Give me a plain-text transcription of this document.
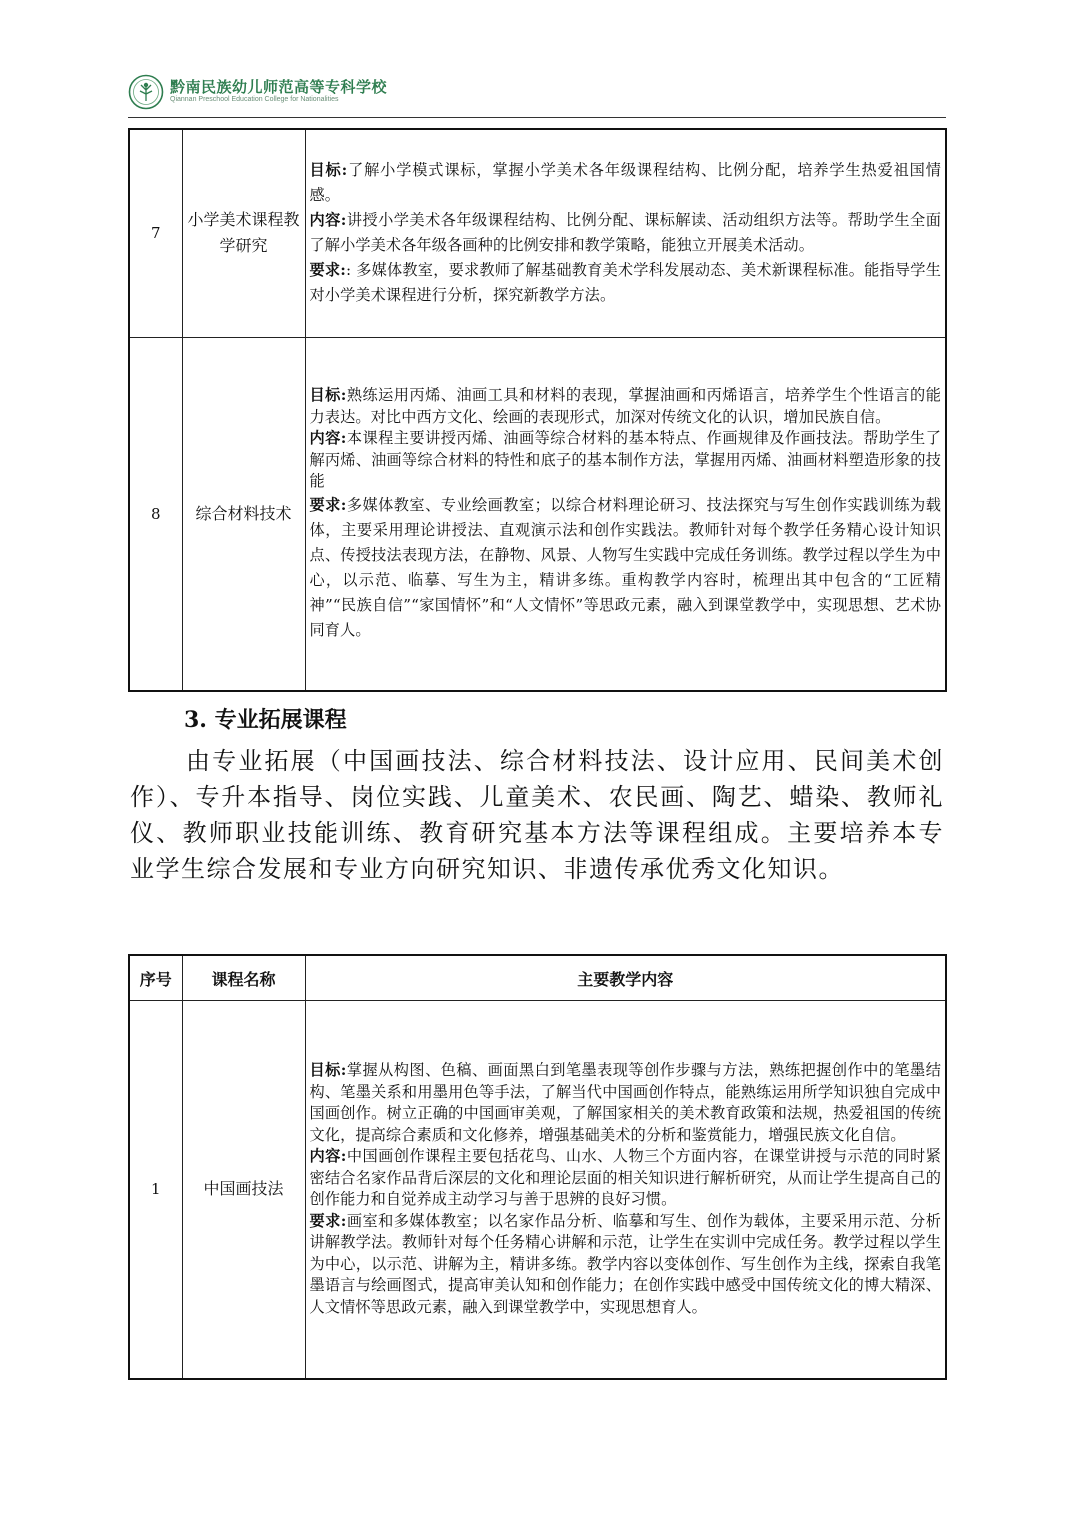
黔南民族幼儿师范高等专科学校
Qiannan Preschool Education College for Nationalities
7	小学美术课程教学研究	目标:了解小学模式课标，掌握小学美术各年级课程结构、比例分配，培养学生热爱祖国情感。
内容:讲授小学美术各年级课程结构、比例分配、课标解读、活动组织方法等。帮助学生全面了解小学美术各年级各画种的比例安排和教学策略，能独立开展美术活动。
要求:: 多媒体教室，要求教师了解基础教育美术学科发展动态、美术新课程标准。能指导学生对小学美术课程进行分析，探究新教学方法。

8	综合材料技术	目标:熟练运用丙烯、油画工具和材料的表现，掌握油画和丙烯语言，培养学生个性语言的能力表达。对比中西方文化、绘画的表现形式，加深对传统文化的认识，增加民族自信。
内容:本课程主要讲授丙烯、油画等综合材料的基本特点、作画规律及作画技法。帮助学生了解丙烯、油画等综合材料的特性和底子的基本制作方法，掌握用丙烯、油画材料塑造形象的技能
要求:多媒体教室、专业绘画教室；以综合材料理论研习、技法探究与写生创作实践训练为载体，主要采用理论讲授法、直观演示法和创作实践法。教师针对每个教学任务精心设计知识点、传授技法表现方法，在静物、风景、人物写生实践中完成任务训练。教学过程以学生为中心，以示范、临摹、写生为主，精讲多练。重构教学内容时，梳理出其中包含的“工匠精神”“民族自信”“家国情怀”和“人文情怀”等思政元素，融入到课堂教学中，实现思想、艺术协同育人。
3. 专业拓展课程
由专业拓展（中国画技法、综合材料技法、设计应用、民间美术创作）、专升本指导、岗位实践、儿童美术、农民画、陶艺、蜡染、教师礼仪、教师职业技能训练、教育研究基本方法等课程组成。主要培养本专业学生综合发展和专业方向研究知识、非遗传承优秀文化知识。
序号	课程名称	主要教学内容
1	中国画技法	目标:掌握从构图、色稿、画面黑白到笔墨表现等创作步骤与方法，熟练把握创作中的笔墨结构、笔墨关系和用墨用色等手法，了解当代中国画创作特点，能熟练运用所学知识独自完成中国画创作。树立正确的中国画审美观，了解国家相关的美术教育政策和法规，热爱祖国的传统文化，提高综合素质和文化修养，增强基础美术的分析和鉴赏能力，增强民族文化自信。
内容:中国画创作课程主要包括花鸟、山水、人物三个方面内容，在课堂讲授与示范的同时紧密结合名家作品背后深层的文化和理论层面的相关知识进行解析研究，从而让学生提高自己的创作能力和自觉养成主动学习与善于思辨的良好习惯。
要求:画室和多媒体教室；以名家作品分析、临摹和写生、创作为载体，主要采用示范、分析讲解教学法。教师针对每个任务精心讲解和示范，让学生在实训中完成任务。教学过程以学生为中心，以示范、讲解为主，精讲多练。教学内容以变体创作、写生创作为主线，探索自我笔墨语言与绘画图式，提高审美认知和创作能力；在创作实践中感受中国传统文化的博大精深、人文情怀等思政元素，融入到课堂教学中，实现思想育人。
